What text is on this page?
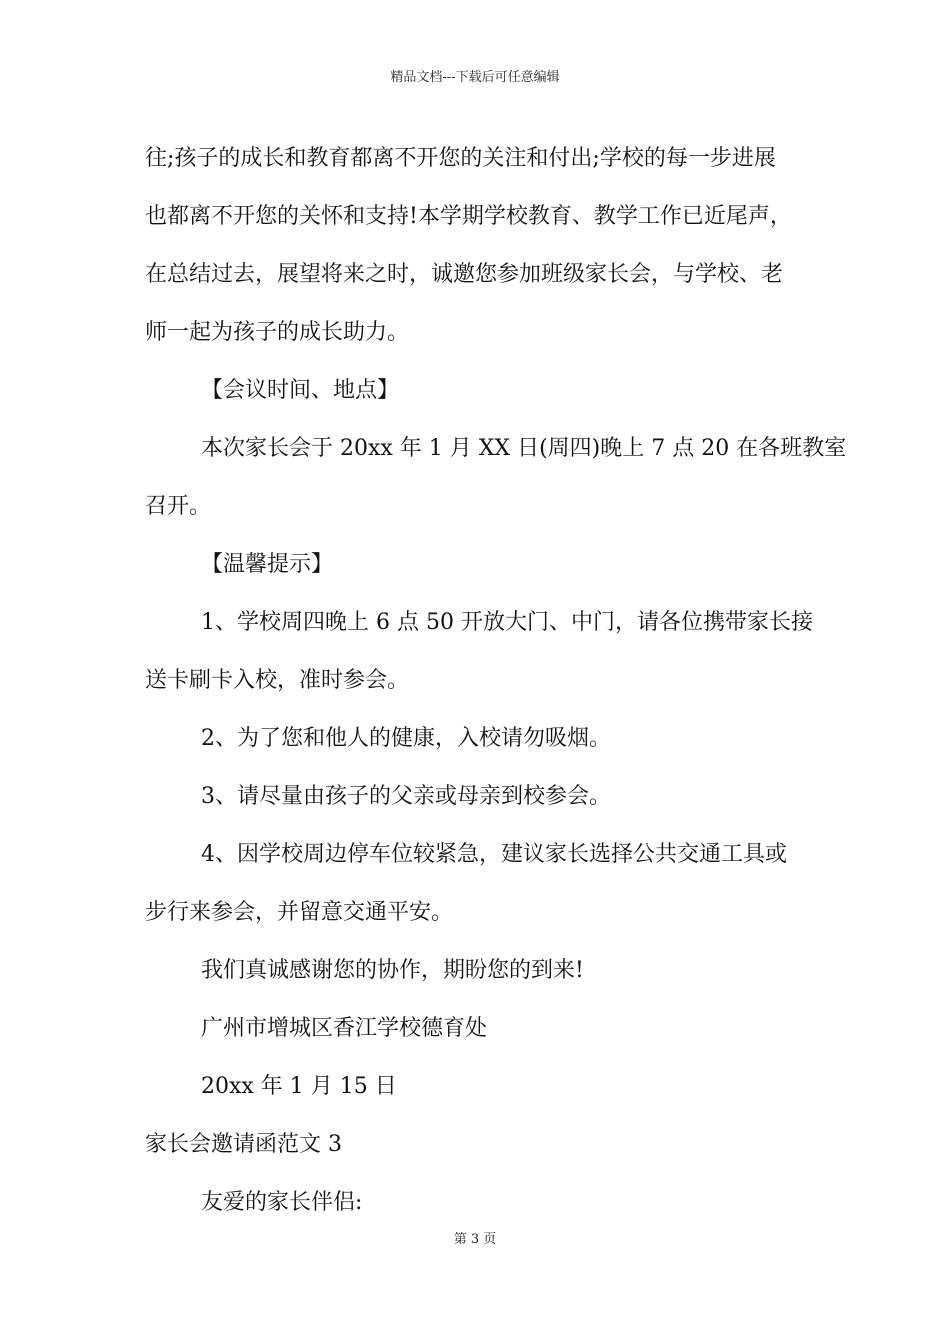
精品文档---下载后可任意编辑
往;孩子的成长和教育都离不开您的关注和付出;学校的每一步进展
也都离不开您的关怀和支持!本学期学校教育、教学工作已近尾声，
在总结过去，展望将来之时，诚邀您参加班级家长会，与学校、老
师一起为孩子的成长助力。
【会议时间、地点】
本次家长会于 20xx 年 1 月 XX 日(周四)晚上 7 点 20 在各班教室
召开。
【温馨提示】
1、学校周四晚上 6 点 50 开放大门、中门，请各位携带家长接
送卡刷卡入校，准时参会。
2、为了您和他人的健康，入校请勿吸烟。
3、请尽量由孩子的父亲或母亲到校参会。
4、因学校周边停车位较紧急，建议家长选择公共交通工具或
步行来参会，并留意交通平安。
我们真诚感谢您的协作，期盼您的到来!
广州市增城区香江学校德育处
20xx 年 1 月 15 日
家长会邀请函范文 3
友爱的家长伴侣:
第 3 页
